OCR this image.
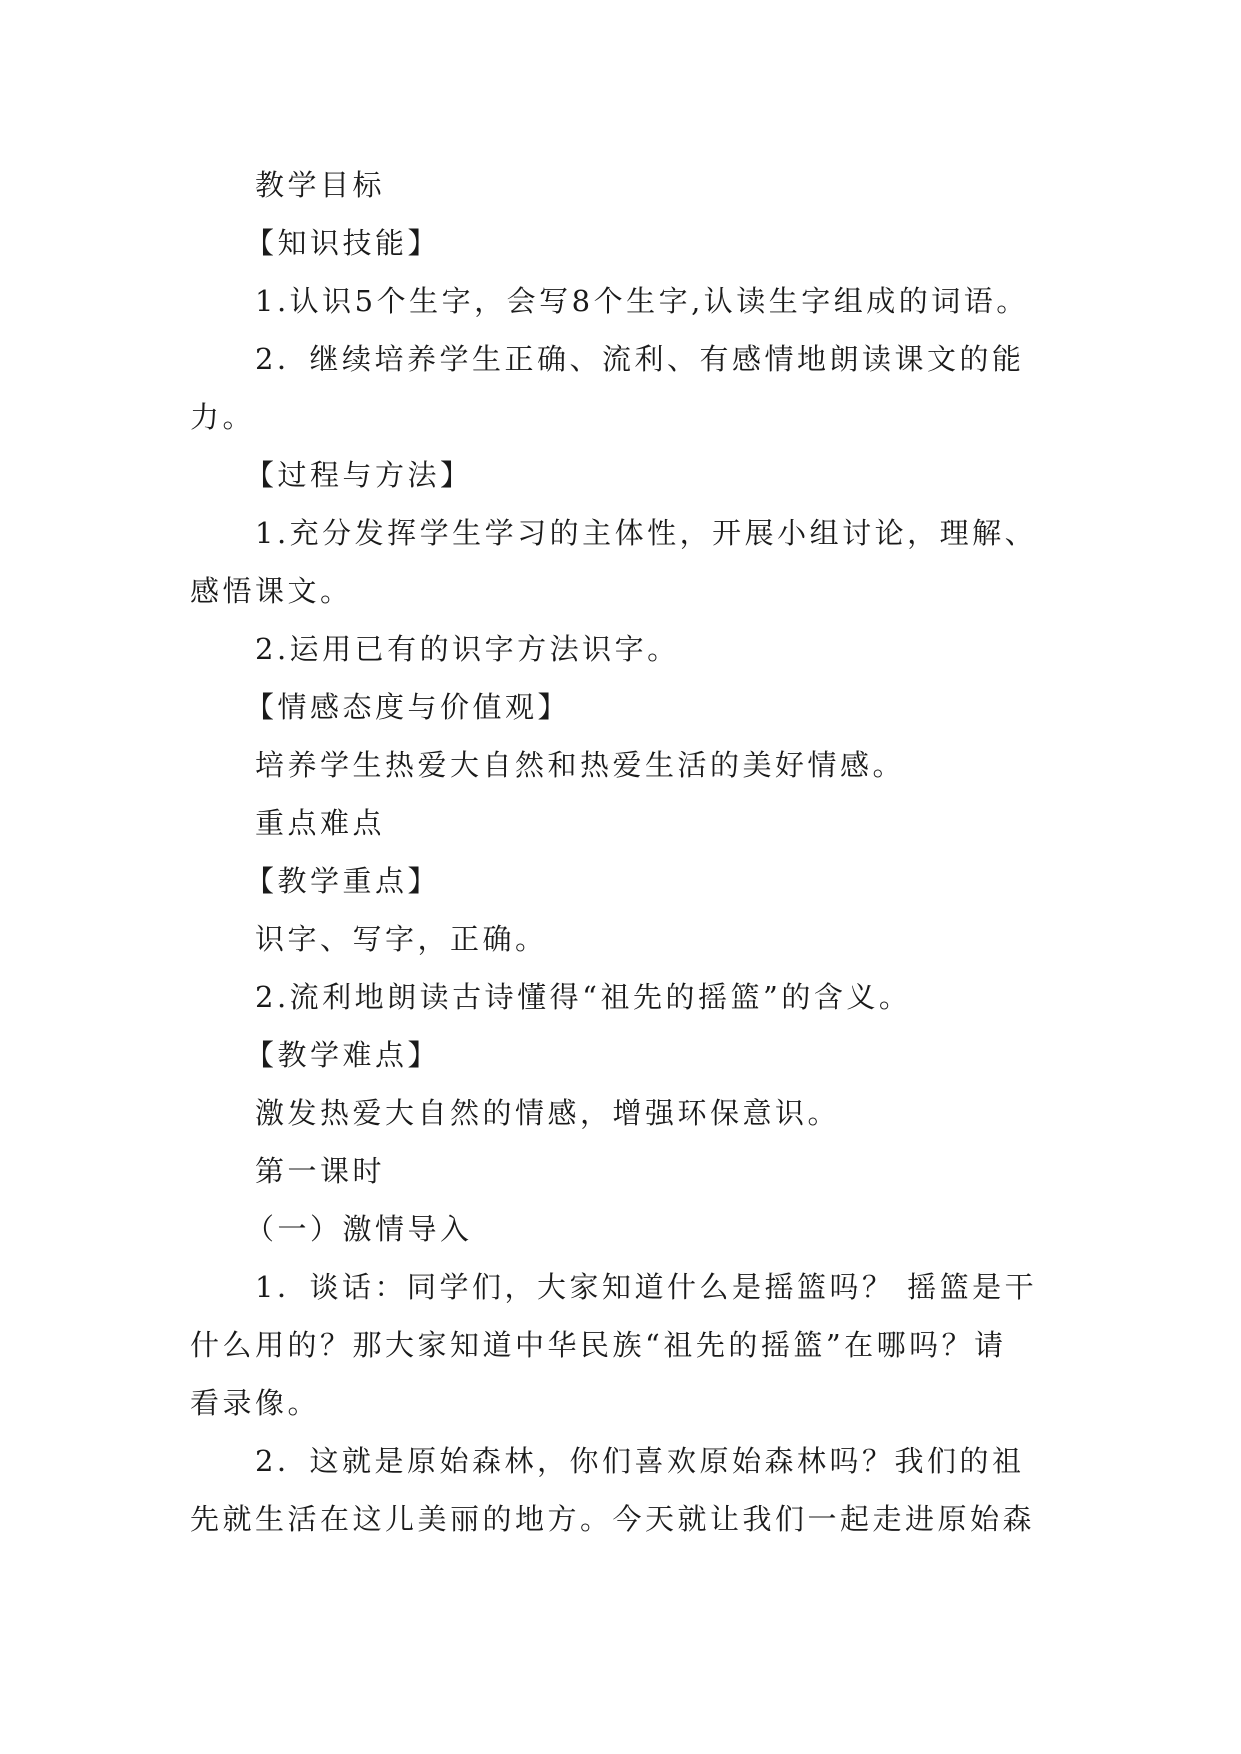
教学目标
【知识技能】
1.认识5个生字，会写8个生字,认读生字组成的词语。
2．继续培养学生正确、流利、有感情地朗读课文的能
力。
【过程与方法】
1.充分发挥学生学习的主体性，开展小组讨论，理解、
感悟课文。
2.运用已有的识字方法识字。
【情感态度与价值观】
培养学生热爱大自然和热爱生活的美好情感。
重点难点
【教学重点】
识字、写字，正确。
2.流利地朗读古诗懂得“祖先的摇篮”的含义。
【教学难点】
激发热爱大自然的情感，增强环保意识。
第一课时
（一）激情导入
1．谈话：同学们，大家知道什么是摇篮吗？ 摇篮是干
什么用的？那大家知道中华民族“祖先的摇篮”在哪吗？请
看录像。
2．这就是原始森林，你们喜欢原始森林吗？我们的祖
先就生活在这儿美丽的地方。今天就让我们一起走进原始森
